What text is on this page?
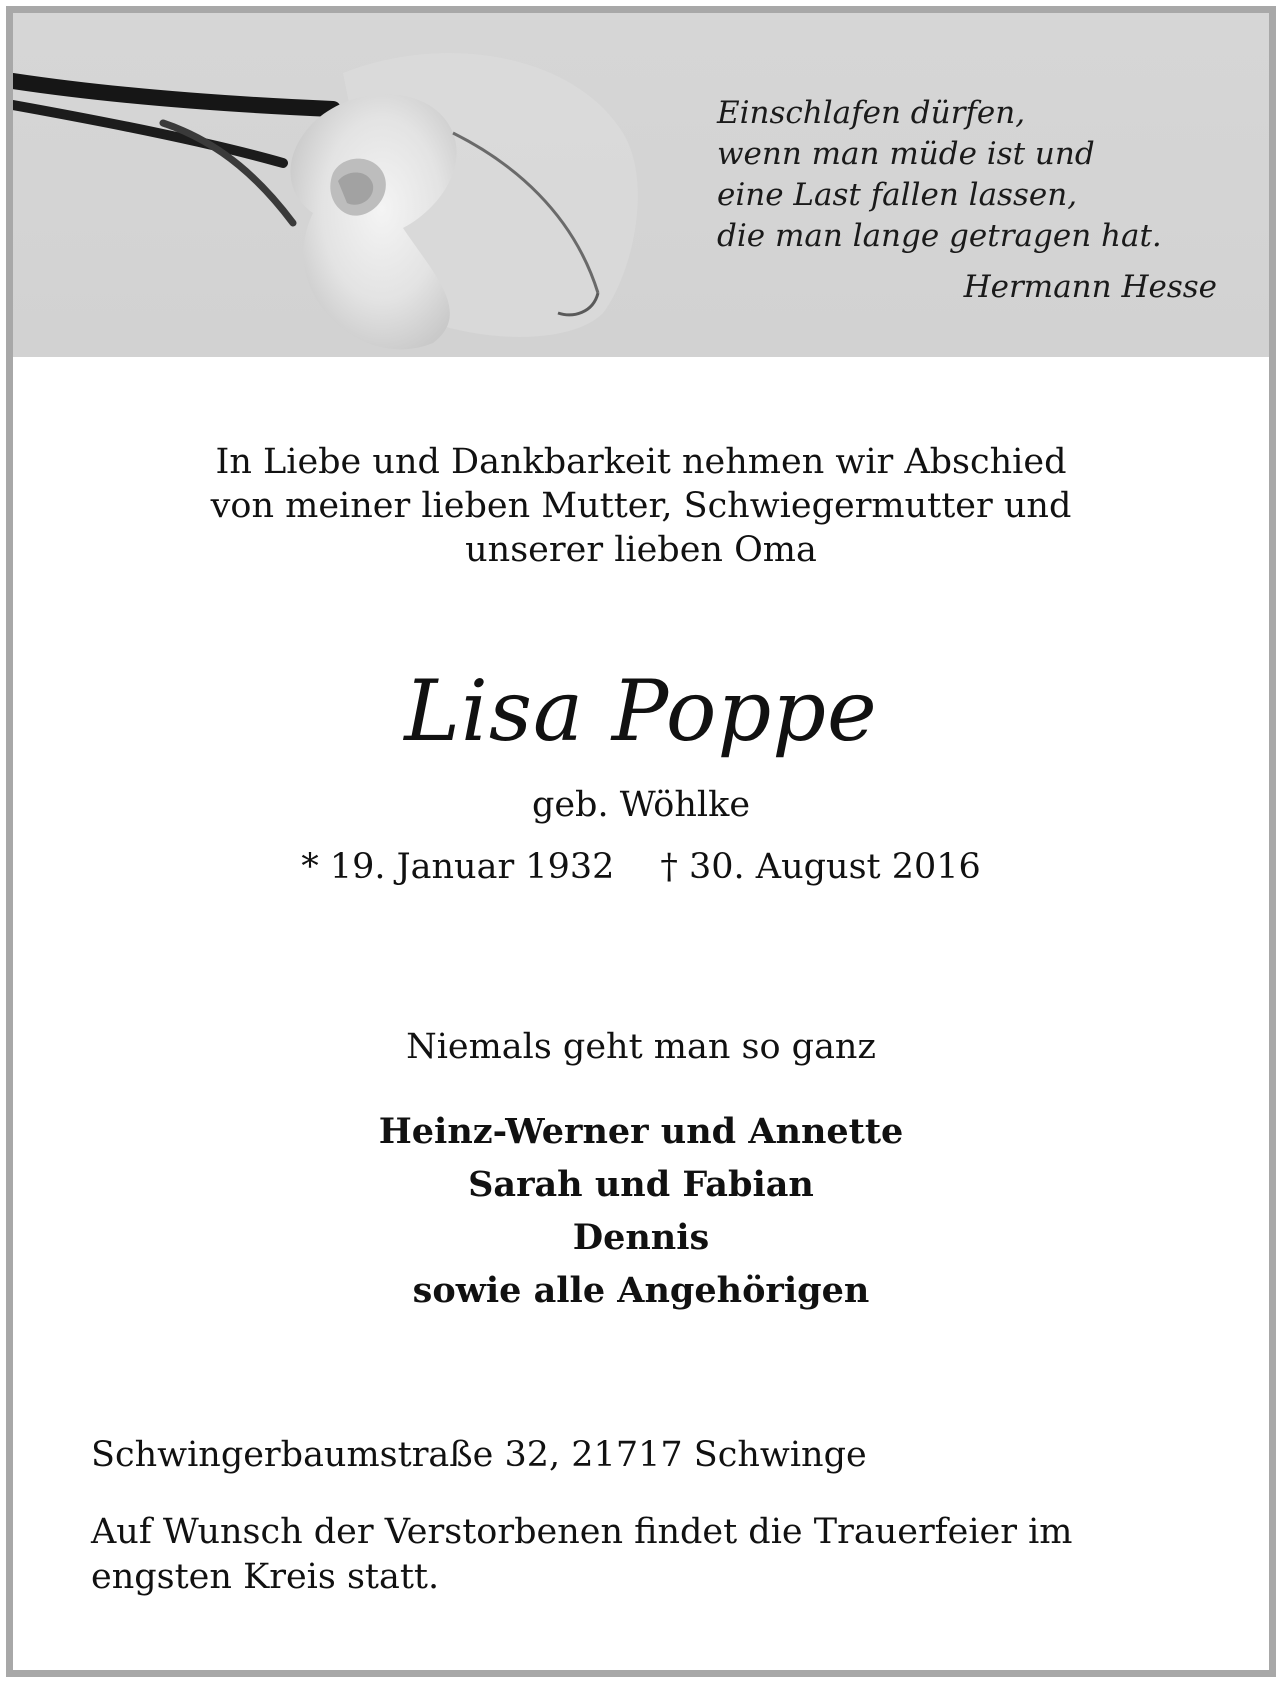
Einschlafen dürfen,
wenn man müde ist und
eine Last fallen lassen,
die man lange getragen hat.
Hermann Hesse
In Liebe und Dankbarkeit nehmen wir Abschied
von meiner lieben Mutter, Schwiegermutter und
unserer lieben Oma
Lisa Poppe
geb. Wöhlke
* 19. Januar 1932 † 30. August 2016
Niemals geht man so ganz
Heinz-Werner und Annette
Sarah und Fabian
Dennis
sowie alle Angehörigen
Schwingerbaumstraße 32, 21717 Schwinge
Auf Wunsch der Verstorbenen findet die Trauerfeier im
engsten Kreis statt.
